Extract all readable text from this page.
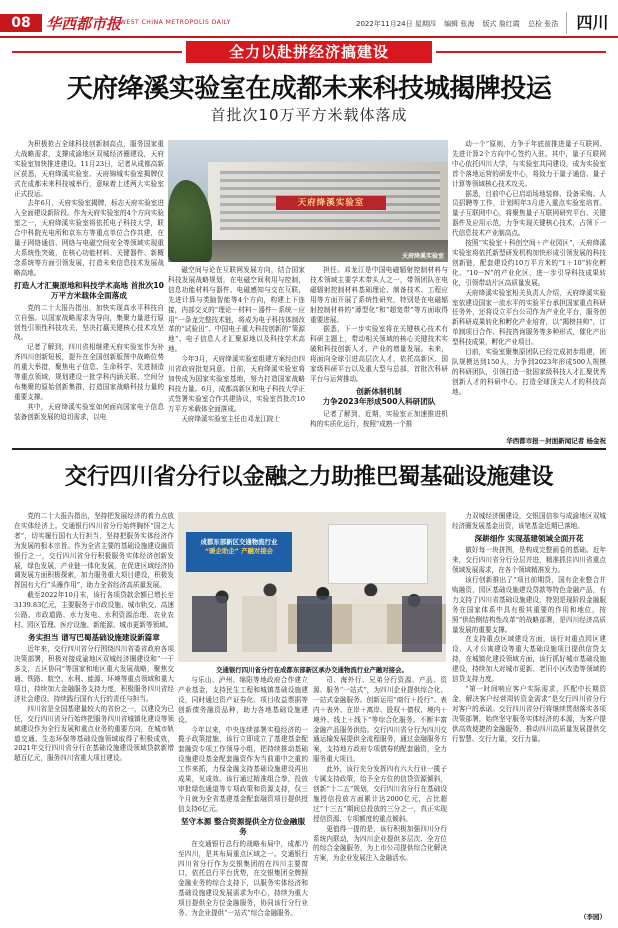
08	华西都市报
WEST CHINA METROPOLIS DAILY	2022年11月24日 星期四 编辑 张海 版式 詹红霞 总检 张浩	四川
全力以赴拼经济搞建设
天府绛溪实验室在成都未来科技城揭牌投运
首批次10万平方米载体落成

为积极抢占全球科技创新制高点，服务国家重大战略需求，支撑成渝地区双城经济圈建设，天府实验室加快推进建设。11月23日，记者从成都高新区获悉，天府绛溪实验室、天府锦城实验室揭牌仪式在成都未来科技城举行，意味着上述两大实验室正式投运。

去年6月，天府实验室揭牌，标志天府实验室进入全面建设新阶段。作为天府实验室的4个方向实验室之一，天府绛溪实验室将依托电子科技大学，联合中科院光电所和京东方等重点单位合作共建，在量子网络通信、网络与电磁空间安全等领域实现重大系统性突破，在核心功能材料、关键器件、新概念系统等方面引领发展，打造未来信息技术发展战略高地。

打造人才汇聚原地和科技学术高地 首批次10万平方米载体全面落成

党的二十大报告指出，加快实现高水平科技自立自强。以国家战略需求为导向，集聚力量进行原创性引领性科技攻关，坚决打赢关键核心技术攻坚战。

记者了解到，四川省相继建天府实验室作为补齐四川创新短板，提升在全国创新版图中战略位势的重大举措，聚焦电子信息、生命科学、先进制造等重点领域，规划建设一批学科内涵关联、空间分布集聚的原始创新集群，打造国家战略科技力量的重要支撑。

其中，天府绛溪实验室如何面向国家电子信息装备创新发展的迫切需求，以电

天府绛溪实验室
天府绛溪实验室

磁空间与论在互联网发展方向，结合国家科技发展战略规划，在电磁空间利用与控制，信息功能材料与器件、电磁感知与交在互联，先进计算与类脑智能等4个方向，构建上下连接，内部交叉的“理论－材料－器件－系统－应用”一条龙完整技术链，将成为电子科技体制改革的“试验田”、中国电子重大科技创新的“策源地”、电子信息人才汇聚原地以及科技学术高地。

今年3月，天府绛溪实验室组建方案经由四川省政府批复同意。目前，天府绛溪实验室将加快成为国家实验室基地，努力打造国家战略科技力量。6月，成都高新区和电子科技大学正式签署实验室合作共建协议，实验室首批次10万平方米载体全面落成。

天府绛溪实验室主任由邓龙江院士

担任。邓龙江是中国电磁辐射控制材料与技术领域主要学术带头人之一，带领团队在电磁辐射控制材料基础理论、制备技术、工程应用等方面开展了系统性研究，特别是在电磁辐射控制材料的“薄型化”和“超宽带”等方面取得重要进展。

据悉，下一步实验室将在关键核心技术有科研主题上，带动相关领域的核心关键技术实破和科技创新人才、产业的增量发展。未来，将面向全球引进高层次人才，依托高新区、国家级科研平台以及重大型与总部，首批次科研平台与运营推动。

创新体制机制
力争2023年形成500人科研团队

记者了解到，近期，实验室正加速推进机构的实质化运行，按照“成熟一个推

动一个”原则，力争于年底前推进量子互联网、先进计算2个方向中心签约入驻。其中，量子互联网中心依托四川大学，与实验室共同建设，成为实验室首个落地运营的研发中心，将致力于量子通信、量子计算等领域核心技术攻关。

据悉，目前中心已启动场地装修、设备采购、人员招聘等工作，计划明年3月进入重点实验室培育。量子互联网中心，将聚焦量子互联网研究平台、关键器件及应用示范，力争实现关键核心技术，占领下一代信息技术产业制高点。

按照“实验室＋科创空间＋产业园区”，天府绛溪实验室将依托新型研发机构加快形成引领发展的科技创新链，配套建设约10万平方米的“1＋10”转化孵化、“10－N”的产业化区，进一步引导科技成果转化，引领带动片区高质量发展。

天府绛溪实验室相关负责人介绍，天府绛溪实验室依建设国家一流水平的实验平台承担国家重点科研任务外，还将设立平台公司作为产业化平台，服务创新科研成果转化和孵化产业培育，以“揭榜挂帅”，订单制项目合作、科技咨询服务等多种形式，催化产出型科技成果，孵化产业项目。

目前，实验室聚集原团队已经完成初步组建，团队规模达到150人，力争到2023年形成500人规模的科研团队，引领打造一批国家级科技人才汇聚优秀创新人才的科研中心，打造全球顶尖人才的科技高地。

华西都市报－封面新闻记者 杨金祝
交行四川省分行以金融之力助推巴蜀基础设施建设

党的二十大报告指出，坚持把发展经济的着力点放在实体经济上。交通银行四川省分行始终胸怀“国之大者”，切实履行国有大行担当，坚持把服务实体经济作为发展的根本宗旨。作为全省主要的基础设施建设融资银行之一，交行四川省分行积极服务实体经济创新发展，绿色发展，产业链一体化发展，在促进区域经济协调发展方面积极探索，加力服务重大项目建设，积极发挥国有大行“头雁作用”，助力全省经济高质量发展。

截至2022年10月末，该行各项贷款余额已增长至3139.83亿元，主要服务于市政设施、城市轨交、高速公路、市政道路、水力发电、水利资源治理、农业农村、园区管理、医疗设施、新能源、城市更新等领域。

务实担当 谱写巴蜀基础设施建设新篇章

近年来，交行四川省分行围绕四川省委省政府各项决策部署，积极对接成渝地区双城经济圈建设和“一干多支，五区协同”等国家和地区重大发展战略，聚焦交通、铁路、航空、水利、能源、环境等重点领域和重大项目，持续加大金融服务支持力度，积极服务四川省经济社会建设，持续践行国有大行的责任与担当。

四川省是全国基建量较大的省份之一，以建设为已任，交行四川省分行始终把服务四川省城镇化建设等领域建设作为全行发展和重点业务的重要方向，在城市轨道交通、生态环保等基础设施领域取得了积极成效，2021年交行四川省分行在基础设施建设领域贷款新增超百亿元，服务四川省重大项目建设。

成都东部新区交通物流行业
“暖企助企” 产融对接会
交通银行四川省分行在成都东部新区承办交通物流行业产融对接会。

与乐山、泸州、绵阳等地政府合作建立产业基金，支持民生工程和城镇基础设施建设，同时通过资产证券化、项目收益票据等创新债务融资品种，助力各地基础设施建设。

今年以来，中央连续部署实稳经济的一揽子政策措施，该行立即成立了基建基金配套融资专项工作领导小组，把持续推动基础设施建设基金配套融资作为当前重中之重的工作来抓，力保金融支持基础设施建设再出成果，见成效。该行通过精准组合拳，投放审批绿色通道等专项政策和资源支持，仅三个月就为全省基建基金配套融资项目提供授信支持6亿元。

坚守本源 整合资源提供全方位金融服务

在交通银行总行的战略布局中，成都乃至四川，是其布局重点区域之一。交通银行四川省分行作为交银集团的在四川主要窗口，依托总行平台优势，在交银集团全牌照金融业务的综合支持下，以服务实体经济和基础设施建设发展需求为中心，持续为重大项目提供全方位金融服务，协同该行分行业务、为企业提供“一站式”综合金融服务。

司、海外行、兄弟分行资源、产品、资源、服务“一站式”，为四川企业提供综合化、一站式金融服务。创新运用“商行＋投行”、表内＋表外、在岸＋离岸、股权＋债权、境内＋境外、线上＋线下”等综合化服务。不断丰富金融产品服务供给。交行四川省分行为四川交通运输发展提供全流程服务，通过金融服务方案，支持地方政府专项债券的配套融资，全力服务重大项目。

此外，该行充分发挥四有六大行业一揽子专属支持政策，给予全方位的信贷资源倾斜，创新“十二五”规划，交行四川省分行在基础设施授信投放方面累计达2000亿元，占比超过“十三五”期间总投放的三分之一，真正实现授信资源、专项额度的重点倾斜。

更值得一提的是，该行积极加强四川分行系统内联动，为四川企业提供多层次、全方位的综合金融服务，为上市公司提供综合化解决方案，为企业发展注入金融活水。

力双城经济圈建设，交银国信参与成渝地区双城经济圈发展基金出资，该笔基金近期已落地。

深耕细作 实现基建领域全面开花

做好每一块拼图，是构成完整画卷的基础。近年来，交行四川省分行分层并进，精准抓住四川省重点领域发展需求，在各个领域精准发力。

该行创新推出了“项目前期贷，国有企业整合并购融资，园区基础设施建设贷款等特色金融产品，有力支持了四川省基础设施建设，特别是现阶段金融服务在国家体系中具有极其重要的作用和地位，按照“供给侧结构性改革”的战略部署，是四川经济高质量发展的重要支撑。

在支持重点区域建设方面，该行对重点园区建设、人才公寓建设等重大基础设施项目提供信贷支持，在城镇化建设领域方面，该行抓好城市基础设施建设，持续加大对城市更新、老旧小区改造等领域的信贷支持力度。

“第一时间响应客户实际需求，匹配中长期资金，解决客户经营周转资金需求”是交行四川省分行对客户的承诺。交行四川省分行将继续贯彻落实各项决策部署，始终坚守服务实体经济的本源，为客户提供高效便捷的金融服务，推动四川高质量发展提供交行智慧、交行力量，交行力量。

（李园）
